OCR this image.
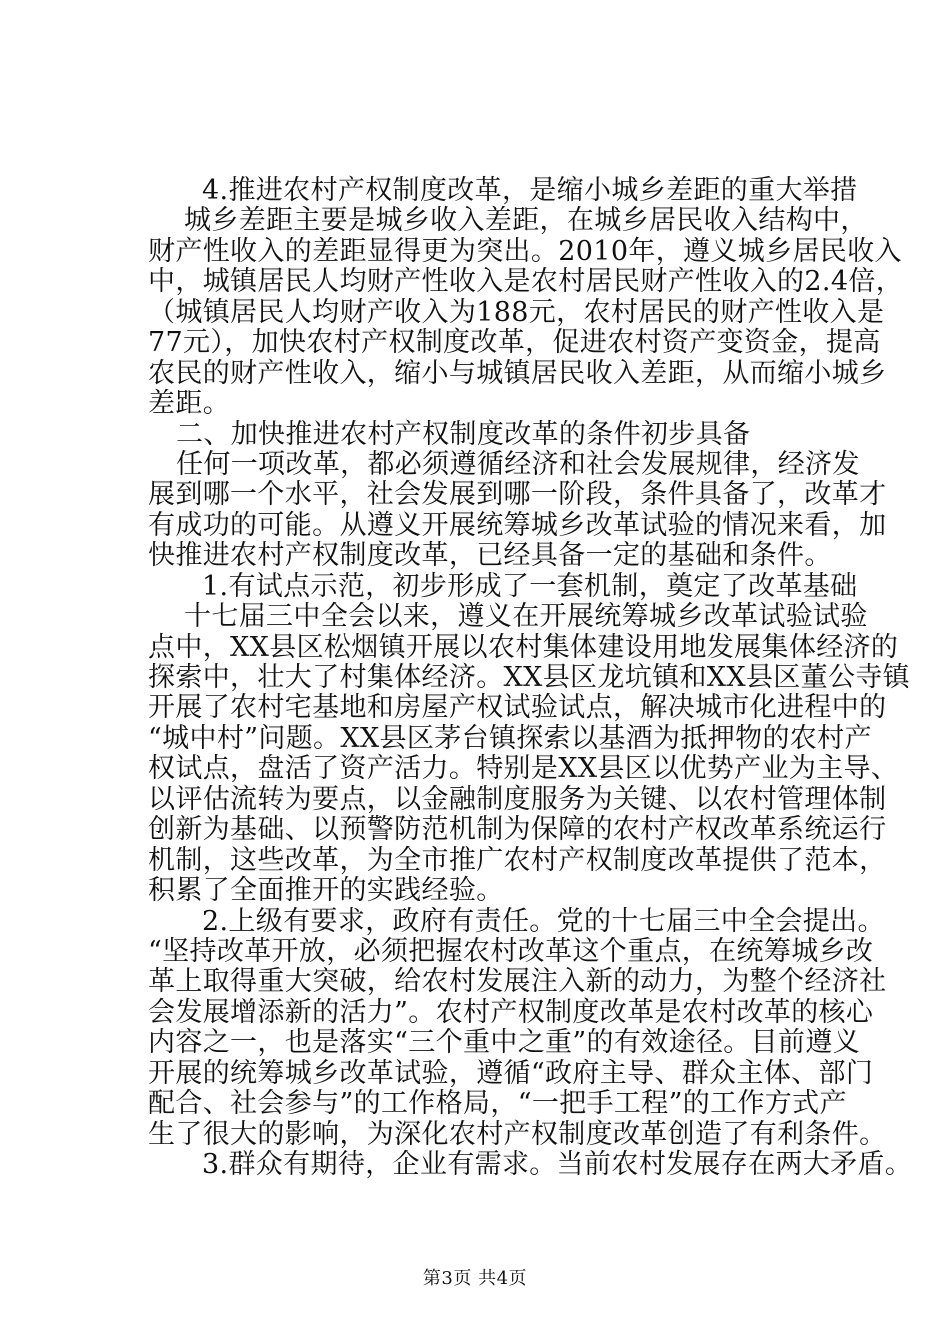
4.推进农村产权制度改革，是缩小城乡差距的重大举措
城乡差距主要是城乡收入差距，在城乡居民收入结构中，
财产性收入的差距显得更为突出。2010年，遵义城乡居民收入
中，城镇居民人均财产性收入是农村居民财产性收入的2.4倍，
（城镇居民人均财产收入为188元，农村居民的财产性收入是
77元），加快农村产权制度改革，促进农村资产变资金，提高
农民的财产性收入，缩小与城镇居民收入差距，从而缩小城乡
差距。
二、加快推进农村产权制度改革的条件初步具备
任何一项改革，都必须遵循经济和社会发展规律，经济发
展到哪一个水平，社会发展到哪一阶段，条件具备了，改革才
有成功的可能。从遵义开展统筹城乡改革试验的情况来看，加
快推进农村产权制度改革，已经具备一定的基础和条件。
1.有试点示范，初步形成了一套机制，奠定了改革基础
十七届三中全会以来，遵义在开展统筹城乡改革试验试验
点中，XX县区松烟镇开展以农村集体建设用地发展集体经济的
探索中，壮大了村集体经济。XX县区龙坑镇和XX县区董公寺镇
开展了农村宅基地和房屋产权试验试点，解决城市化进程中的
“城中村”问题。XX县区茅台镇探索以基酒为抵押物的农村产
权试点，盘活了资产活力。特别是XX县区以优势产业为主导、
以评估流转为要点，以金融制度服务为关键、以农村管理体制
创新为基础、以预警防范机制为保障的农村产权改革系统运行
机制，这些改革，为全市推广农村产权制度改革提供了范本，
积累了全面推开的实践经验。
2.上级有要求，政府有责任。党的十七届三中全会提出。
“坚持改革开放，必须把握农村改革这个重点，在统筹城乡改
革上取得重大突破，给农村发展注入新的动力，为整个经济社
会发展增添新的活力”。农村产权制度改革是农村改革的核心
内容之一，也是落实“三个重中之重”的有效途径。目前遵义
开展的统筹城乡改革试验，遵循“政府主导、群众主体、部门
配合、社会参与”的工作格局，“一把手工程”的工作方式产
生了很大的影响，为深化农村产权制度改革创造了有利条件。
3.群众有期待，企业有需求。当前农村发展存在两大矛盾。
第3页 共4页
